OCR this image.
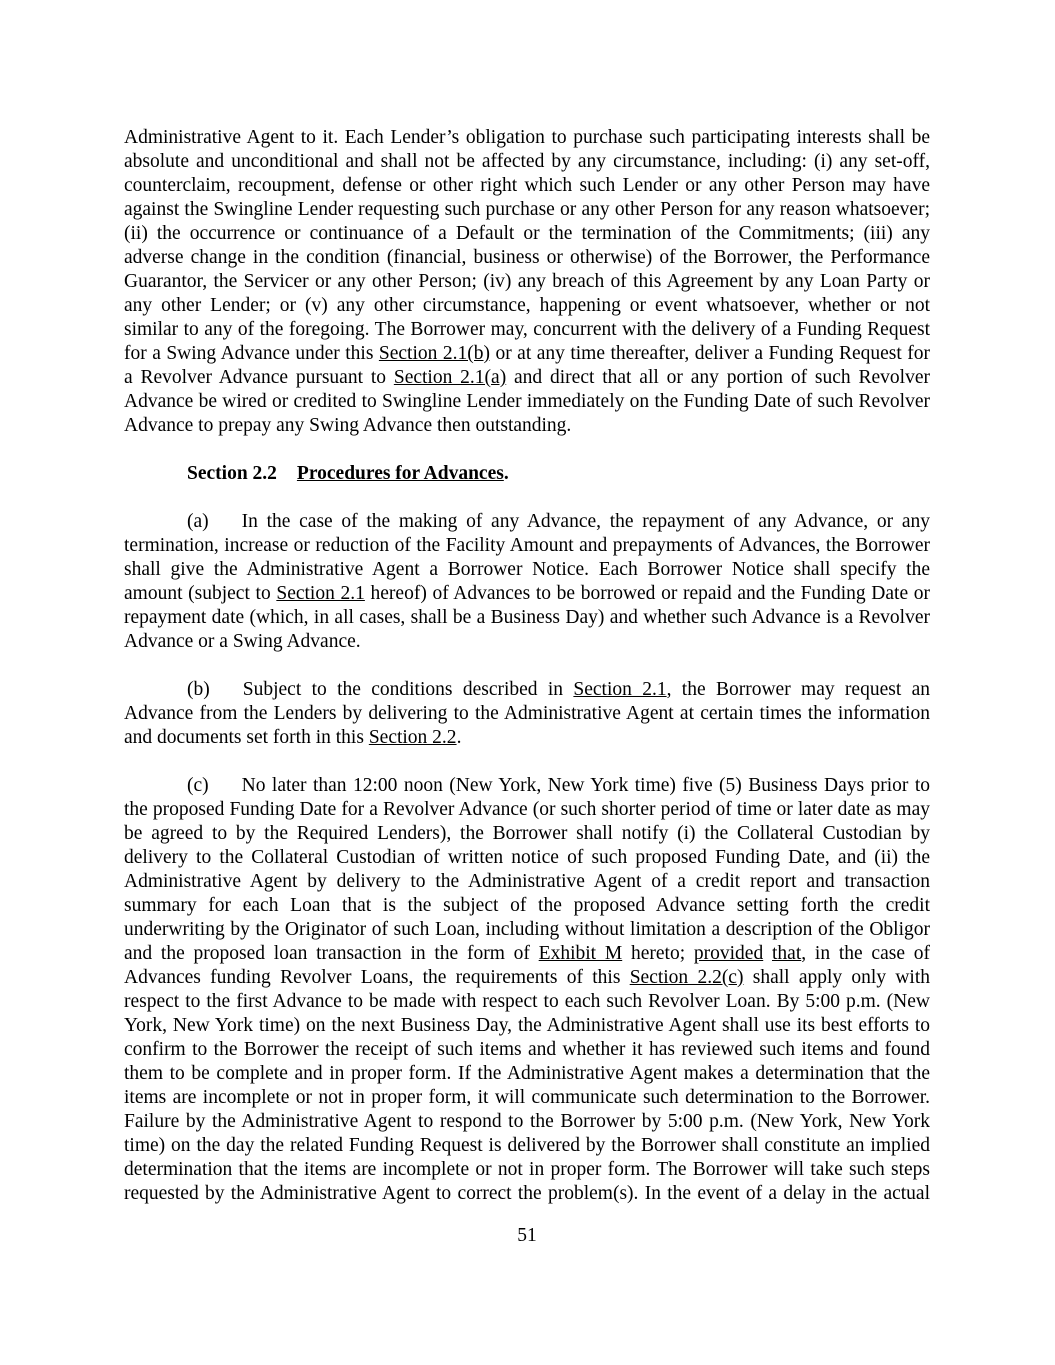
Administrative Agent to it. Each Lender’s obligation to purchase such participating interests shall be absolute and unconditional and shall not be affected by any circumstance, including: (i) any set-off, counterclaim, recoupment, defense or other right which such Lender or any other Person may have against the Swingline Lender requesting such purchase or any other Person for any reason whatsoever; (ii) the occurrence or continuance of a Default or the termination of the Commitments; (iii) any adverse change in the condition (financial, business or otherwise) of the Borrower, the Performance Guarantor, the Servicer or any other Person; (iv) any breach of this Agreement by any Loan Party or any other Lender; or (v) any other circumstance, happening or event whatsoever, whether or not similar to any of the foregoing. The Borrower may, concurrent with the delivery of a Funding Request for a Swing Advance under this Section 2.1(b) or at any time thereafter, deliver a Funding Request for a Revolver Advance pursuant to Section 2.1(a) and direct that all or any portion of such Revolver Advance be wired or credited to Swingline Lender immediately on the Funding Date of such Revolver Advance to prepay any Swing Advance then outstanding.

Section 2.2 Procedures for Advances.

(a) In the case of the making of any Advance, the repayment of any Advance, or any termination, increase or reduction of the Facility Amount and prepayments of Advances, the Borrower shall give the Administrative Agent a Borrower Notice. Each Borrower Notice shall specify the amount (subject to Section 2.1 hereof) of Advances to be borrowed or repaid and the Funding Date or repayment date (which, in all cases, shall be a Business Day) and whether such Advance is a Revolver Advance or a Swing Advance.

(b) Subject to the conditions described in Section 2.1, the Borrower may request an Advance from the Lenders by delivering to the Administrative Agent at certain times the information and documents set forth in this Section 2.2.

(c) No later than 12:00 noon (New York, New York time) five (5) Business Days prior to the proposed Funding Date for a Revolver Advance (or such shorter period of time or later date as may be agreed to by the Required Lenders), the Borrower shall notify (i) the Collateral Custodian by delivery to the Collateral Custodian of written notice of such proposed Funding Date, and (ii) the Administrative Agent by delivery to the Administrative Agent of a credit report and transaction summary for each Loan that is the subject of the proposed Advance setting forth the credit underwriting by the Originator of such Loan, including without limitation a description of the Obligor and the proposed loan transaction in the form of Exhibit M hereto; provided that, in the case of Advances funding Revolver Loans, the requirements of this Section 2.2(c) shall apply only with respect to the first Advance to be made with respect to each such Revolver Loan. By 5:00 p.m. (New York, New York time) on the next Business Day, the Administrative Agent shall use its best efforts to confirm to the Borrower the receipt of such items and whether it has reviewed such items and found them to be complete and in proper form. If the Administrative Agent makes a determination that the items are incomplete or not in proper form, it will communicate such determination to the Borrower. Failure by the Administrative Agent to respond to the Borrower by 5:00 p.m. (New York, New York time) on the day the related Funding Request is delivered by the Borrower shall constitute an implied determination that the items are incomplete or not in proper form. The Borrower will take such steps requested by the Administrative Agent to correct the problem(s). In the event of a delay in the actual

51
